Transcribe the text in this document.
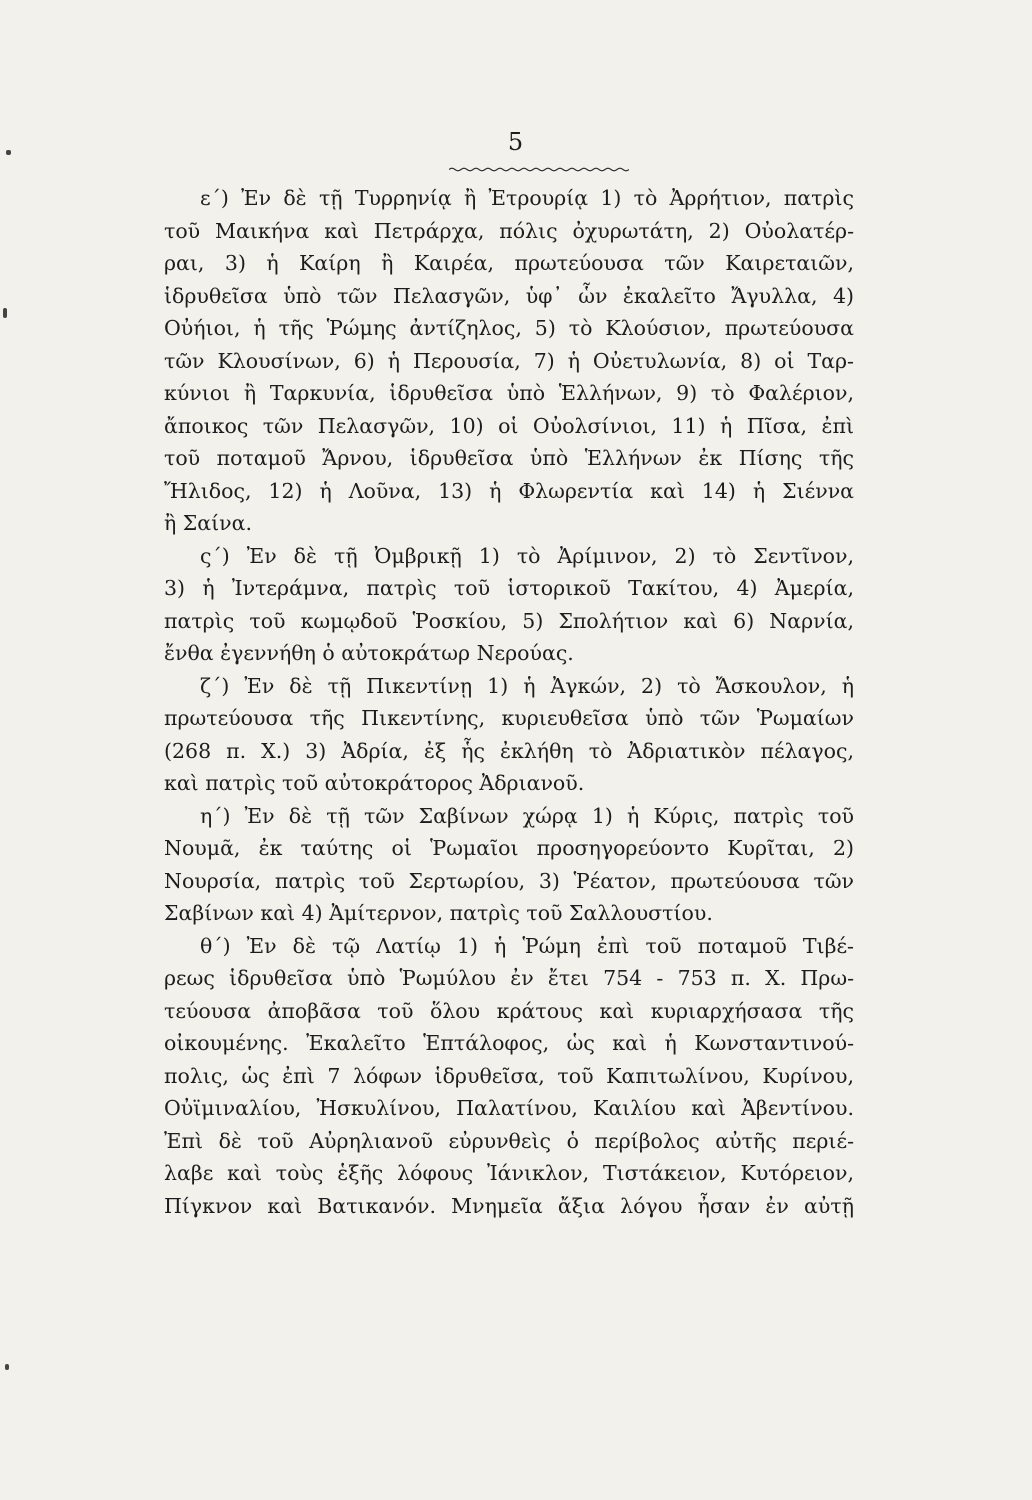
5
ε΄) Ἐν δὲ τῇ Τυρρηνίᾳ ἢ Ἐτρουρίᾳ 1) τὸ Ἀρρήτιον, πατρὶς
τοῦ Μαικήνα καὶ Πετράρχα, πόλις ὀχυρωτάτη, 2) Οὐολατέρ-
ραι, 3) ἡ Καίρη ἢ Καιρέα, πρωτεύουσα τῶν Καιρεταιῶν,
ἱδρυθεῖσα ὑπὸ τῶν Πελασγῶν, ὑφ᾽ ὧν ἐκαλεῖτο Ἄγυλλα, 4)
Οὐήιοι, ἡ τῆς Ῥώμης ἀντίζηλος, 5) τὸ Κλούσιον, πρωτεύουσα
τῶν Κλουσίνων, 6) ἡ Περουσία, 7) ἡ Οὐετυλωνία, 8) οἱ Ταρ-
κύνιοι ἢ Ταρκυνία, ἱδρυθεῖσα ὑπὸ Ἑλλήνων, 9) τὸ Φαλέριον,
ἄποικος τῶν Πελασγῶν, 10) οἱ Οὐολσίνιοι, 11) ἡ Πῖσα, ἐπὶ
τοῦ ποταμοῦ Ἄρνου, ἱδρυθεῖσα ὑπὸ Ἑλλήνων ἐκ Πίσης τῆς
Ἤλιδος, 12) ἡ Λοῦνα, 13) ἡ Φλωρεντία καὶ 14) ἡ Σιέννα
ἢ Σαίνα.
ς΄) Ἐν δὲ τῇ Ὀμβρικῇ 1) τὸ Ἀρίμινον, 2) τὸ Σεντῖνον,
3) ἡ Ἰντεράμνα, πατρὶς τοῦ ἱστορικοῦ Τακίτου, 4) Ἀμερία,
πατρὶς τοῦ κωμῳδοῦ Ῥοσκίου, 5) Σπολήτιον καὶ 6) Ναρνία,
ἔνθα ἐγεννήθη ὁ αὐτοκράτωρ Νερούας.
ζ΄) Ἐν δὲ τῇ Πικεντίνῃ 1) ἡ Ἀγκών, 2) τὸ Ἄσκουλον, ἡ
πρωτεύουσα τῆς Πικεντίνης, κυριευθεῖσα ὑπὸ τῶν Ῥωμαίων
(268 π. Χ.) 3) Ἀδρία, ἐξ ἧς ἐκλήθη τὸ Ἀδριατικὸν πέλαγος,
καὶ πατρὶς τοῦ αὐτοκράτορος Ἀδριανοῦ.
η΄) Ἐν δὲ τῇ τῶν Σαβίνων χώρᾳ 1) ἡ Κύρις, πατρὶς τοῦ
Νουμᾶ, ἐκ ταύτης οἱ Ῥωμαῖοι προσηγορεύοντο Κυρῖται, 2)
Νουρσία, πατρὶς τοῦ Σερτωρίου, 3) Ῥέατον, πρωτεύουσα τῶν
Σαβίνων καὶ 4) Ἀμίτερνον, πατρὶς τοῦ Σαλλουστίου.
θ΄) Ἐν δὲ τῷ Λατίῳ 1) ἡ Ῥώμη ἐπὶ τοῦ ποταμοῦ Τιβέ-
ρεως ἱδρυθεῖσα ὑπὸ Ῥωμύλου ἐν ἔτει 754 - 753 π. Χ. Πρω-
τεύουσα ἀποβᾶσα τοῦ ὅλου κράτους καὶ κυριαρχήσασα τῆς
οἰκουμένης. Ἐκαλεῖτο Ἑπτάλοφος, ὡς καὶ ἡ Κωνσταντινού-
πολις, ὡς ἐπὶ 7 λόφων ἱδρυθεῖσα, τοῦ Καπιτωλίνου, Κυρίνου,
Οὐϊμιναλίου, Ἠσκυλίνου, Παλατίνου, Καιλίου καὶ Ἀβεντίνου.
Ἐπὶ δὲ τοῦ Αὐρηλιανοῦ εὐρυνθεὶς ὁ περίβολος αὐτῆς περιέ-
λαβε καὶ τοὺς ἑξῆς λόφους Ἰάνικλον, Τιστάκειον, Κυτόρειον,
Πίγκνον καὶ Βατικανόν. Μνημεῖα ἄξια λόγου ἦσαν ἐν αὐτῇ
